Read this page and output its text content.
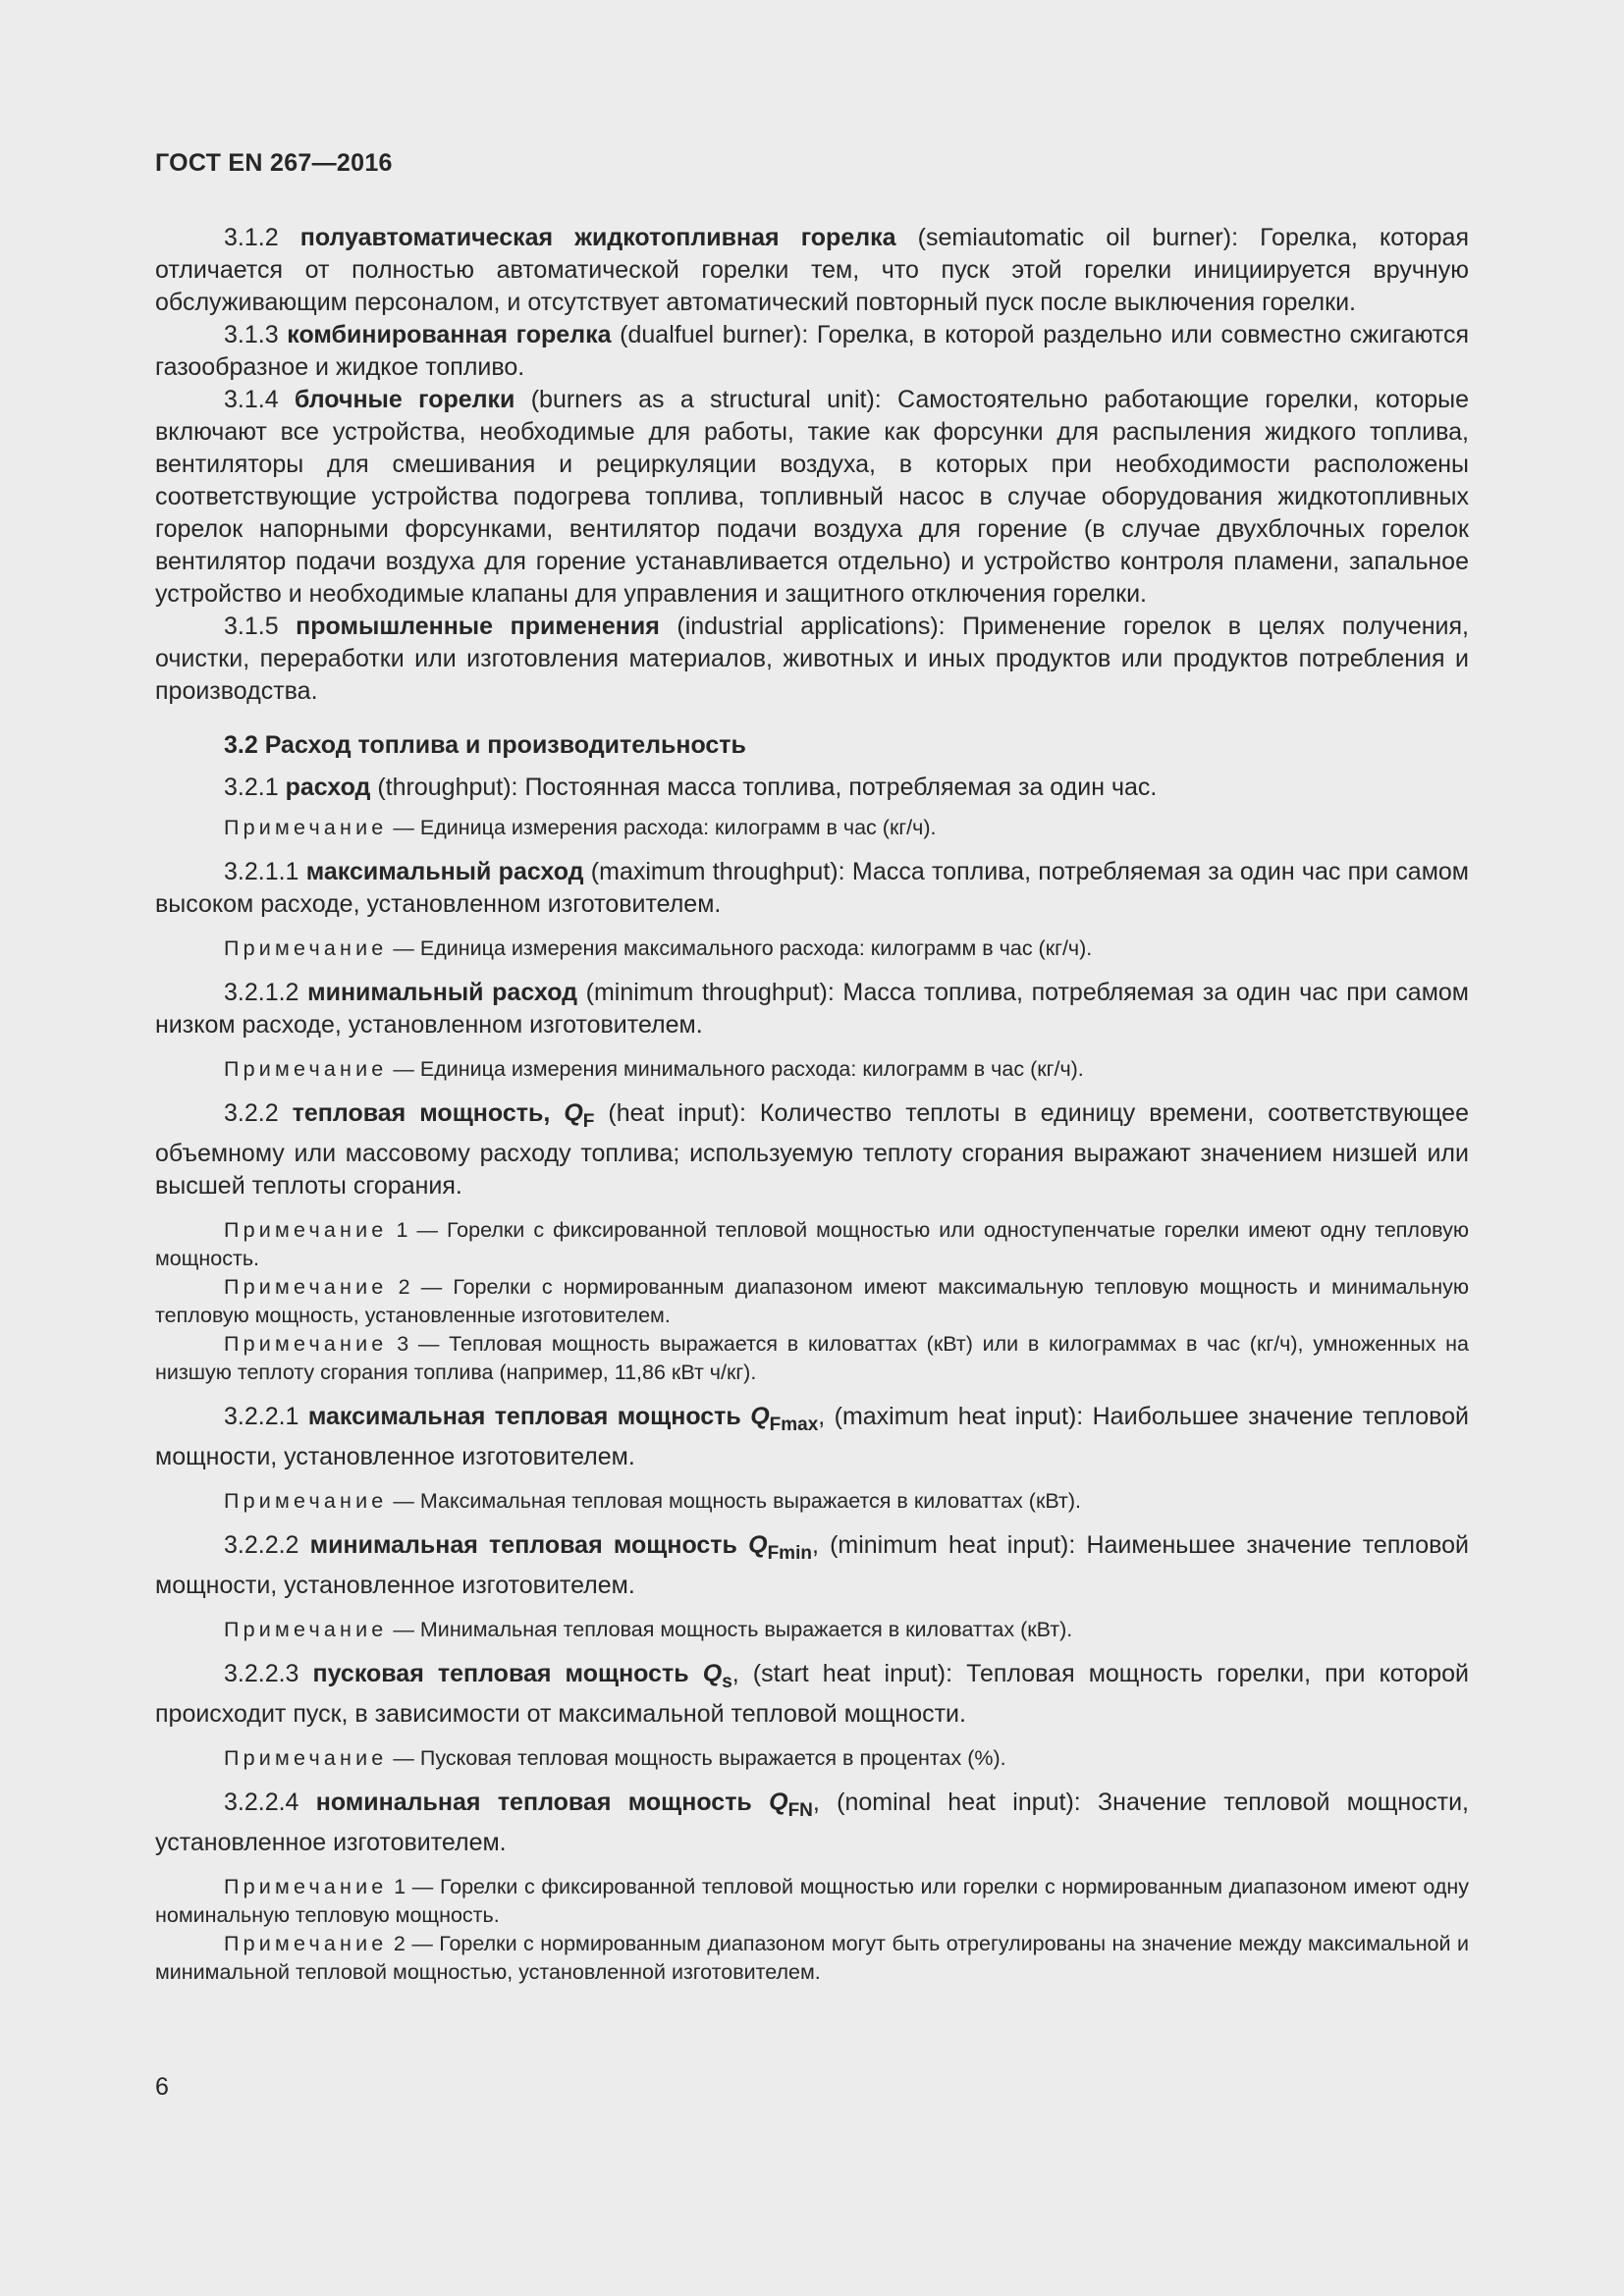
ГОСТ EN 267—2016

3.1.2 полуавтоматическая жидкотопливная горелка (semiautomatic oil burner): Горелка, которая отличается от полностью автоматической горелки тем, что пуск этой горелки инициируется вручную обслуживающим персоналом, и отсутствует автоматический повторный пуск после выключения горелки.

3.1.3 комбинированная горелка (dualfuel burner): Горелка, в которой раздельно или совместно сжигаются газообразное и жидкое топливо.

3.1.4 блочные горелки (burners as a structural unit): Самостоятельно работающие горелки, которые включают все устройства, необходимые для работы, такие как форсунки для распыления жидкого топлива, вентиляторы для смешивания и рециркуляции воздуха, в которых при необходимости расположены соответствующие устройства подогрева топлива, топливный насос в случае оборудования жидкотопливных горелок напорными форсунками, вентилятор подачи воздуха для горение (в случае двухблочных горелок вентилятор подачи воздуха для горение устанавливается отдельно) и устройство контроля пламени, запальное устройство и необходимые клапаны для управления и защитного отключения горелки.

3.1.5 промышленные применения (industrial applications): Применение горелок в целях получения, очистки, переработки или изготовления материалов, животных и иных продуктов или продуктов потребления и производства.

3.2 Расход топлива и производительность

3.2.1 расход (throughput): Постоянная масса топлива, потребляемая за один час.

Примечание — Единица измерения расхода: килограмм в час (кг/ч).

3.2.1.1 максимальный расход (maximum throughput): Масса топлива, потребляемая за один час при самом высоком расходе, установленном изготовителем.

Примечание — Единица измерения максимального расхода: килограмм в час (кг/ч).

3.2.1.2 минимальный расход (minimum throughput): Масса топлива, потребляемая за один час при самом низком расходе, установленном изготовителем.

Примечание — Единица измерения минимального расхода: килограмм в час (кг/ч).

3.2.2 тепловая мощность, $Q_F$ (heat input): Количество теплоты в единицу времени, соответствующее объемному или массовому расходу топлива; используемую теплоту сгорания выражают значением низшей или высшей теплоты сгорания.

Примечание 1 — Горелки с фиксированной тепловой мощностью или одноступенчатые горелки имеют одну тепловую мощность.

Примечание 2 — Горелки с нормированным диапазоном имеют максимальную тепловую мощность и минимальную тепловую мощность, установленные изготовителем.

Примечание 3 — Тепловая мощность выражается в киловаттах (кВт) или в килограммах в час (кг/ч), умноженных на низшую теплоту сгорания топлива (например, 11,86 кВт ч/кг).

3.2.2.1 максимальная тепловая мощность $Q_{Fmax}$, (maximum heat input): Наибольшее значение тепловой мощности, установленное изготовителем.

Примечание — Максимальная тепловая мощность выражается в киловаттах (кВт).

3.2.2.2 минимальная тепловая мощность $Q_{Fmin}$, (minimum heat input): Наименьшее значение тепловой мощности, установленное изготовителем.

Примечание — Минимальная тепловая мощность выражается в киловаттах (кВт).

3.2.2.3 пусковая тепловая мощность $Q_s$, (start heat input): Тепловая мощность горелки, при которой происходит пуск, в зависимости от максимальной тепловой мощности.

Примечание — Пусковая тепловая мощность выражается в процентах (%).

3.2.2.4 номинальная тепловая мощность $Q_{FN}$, (nominal heat input): Значение тепловой мощности, установленное изготовителем.

Примечание 1 — Горелки с фиксированной тепловой мощностью или горелки с нормированным диапазоном имеют одну номинальную тепловую мощность.

Примечание 2 — Горелки с нормированным диапазоном могут быть отрегулированы на значение между максимальной и минимальной тепловой мощностью, установленной изготовителем.

6
